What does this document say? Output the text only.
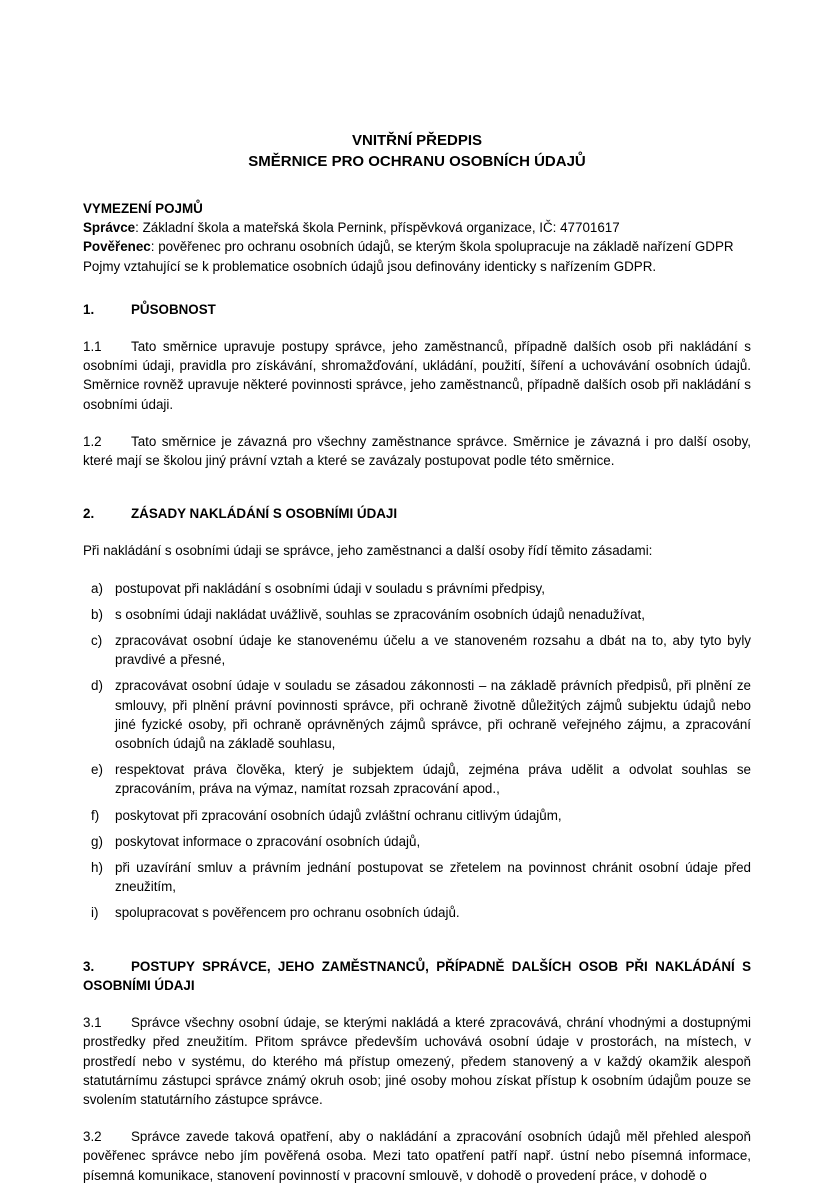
VNITŘNÍ PŘEDPIS
SMĚRNICE PRO OCHRANU OSOBNÍCH ÚDAJŮ
VYMEZENÍ POJMŮ
Správce: Základní škola a mateřská škola Pernink, příspěvková organizace, IČ: 47701617
Pověřenec: pověřenec pro ochranu osobních údajů, se kterým škola spolupracuje na základě nařízení GDPR
Pojmy vztahující se k problematice osobních údajů jsou definovány identicky s nařízením GDPR.
1.	PŮSOBNOST
1.1 Tato směrnice upravuje postupy správce, jeho zaměstnanců, případně dalších osob při nakládání s osobními údaji, pravidla pro získávání, shromažďování, ukládání, použití, šíření a uchovávání osobních údajů. Směrnice rovněž upravuje některé povinnosti správce, jeho zaměstnanců, případně dalších osob při nakládání s osobními údaji.
1.2 Tato směrnice je závazná pro všechny zaměstnance správce. Směrnice je závazná i pro další osoby, které mají se školou jiný právní vztah a které se zavázaly postupovat podle této směrnice.
2.	ZÁSADY NAKLÁDÁNÍ S OSOBNÍMI ÚDAJI
Při nakládání s osobními údaji se správce, jeho zaměstnanci a další osoby řídí těmito zásadami:
a) postupovat při nakládání s osobními údaji v souladu s právními předpisy,
b) s osobními údaji nakládat uvážlivě, souhlas se zpracováním osobních údajů nenadužívat,
c) zpracovávat osobní údaje ke stanovenému účelu a ve stanoveném rozsahu a dbát na to, aby tyto byly pravdivé a přesné,
d) zpracovávat osobní údaje v souladu se zásadou zákonnosti – na základě právních předpisů, při plnění ze smlouvy, při plnění právní povinnosti správce, při ochraně životně důležitých zájmů subjektu údajů nebo jiné fyzické osoby, při ochraně oprávněných zájmů správce, při ochraně veřejného zájmu, a zpracování osobních údajů na základě souhlasu,
e) respektovat práva člověka, který je subjektem údajů, zejména práva udělit a odvolat souhlas se zpracováním, práva na výmaz, namítat rozsah zpracování apod.,
f)	poskytovat při zpracování osobních údajů zvláštní ochranu citlivým údajům,
g) poskytovat informace o zpracování osobních údajů,
h) při uzavírání smluv a právním jednání postupovat se zřetelem na povinnost chránit osobní údaje před zneužitím,
i)	spolupracovat s pověřencem pro ochranu osobních údajů.
3.	POSTUPY SPRÁVCE, JEHO ZAMĚSTNANCŮ, PŘÍPADNĚ DALŠÍCH OSOB PŘI NAKLÁDÁNÍ S OSOBNÍMI ÚDAJI
3.1 Správce všechny osobní údaje, se kterými nakládá a které zpracovává, chrání vhodnými a dostupnými prostředky před zneužitím. Přitom správce především uchovává osobní údaje v prostorách, na místech, v prostředí nebo v systému, do kterého má přístup omezený, předem stanovený a v každý okamžik alespoň statutárnímu zástupci správce známý okruh osob; jiné osoby mohou získat přístup k osobním údajům pouze se svolením statutárního zástupce správce.
3.2 Správce zavede taková opatření, aby o nakládání a zpracování osobních údajů měl přehled alespoň pověřenec správce nebo jím pověřená osoba. Mezi tato opatření patří např. ústní nebo písemná informace, písemná komunikace, stanovení povinností v pracovní smlouvě, v dohodě o provedení práce, v dohodě o
